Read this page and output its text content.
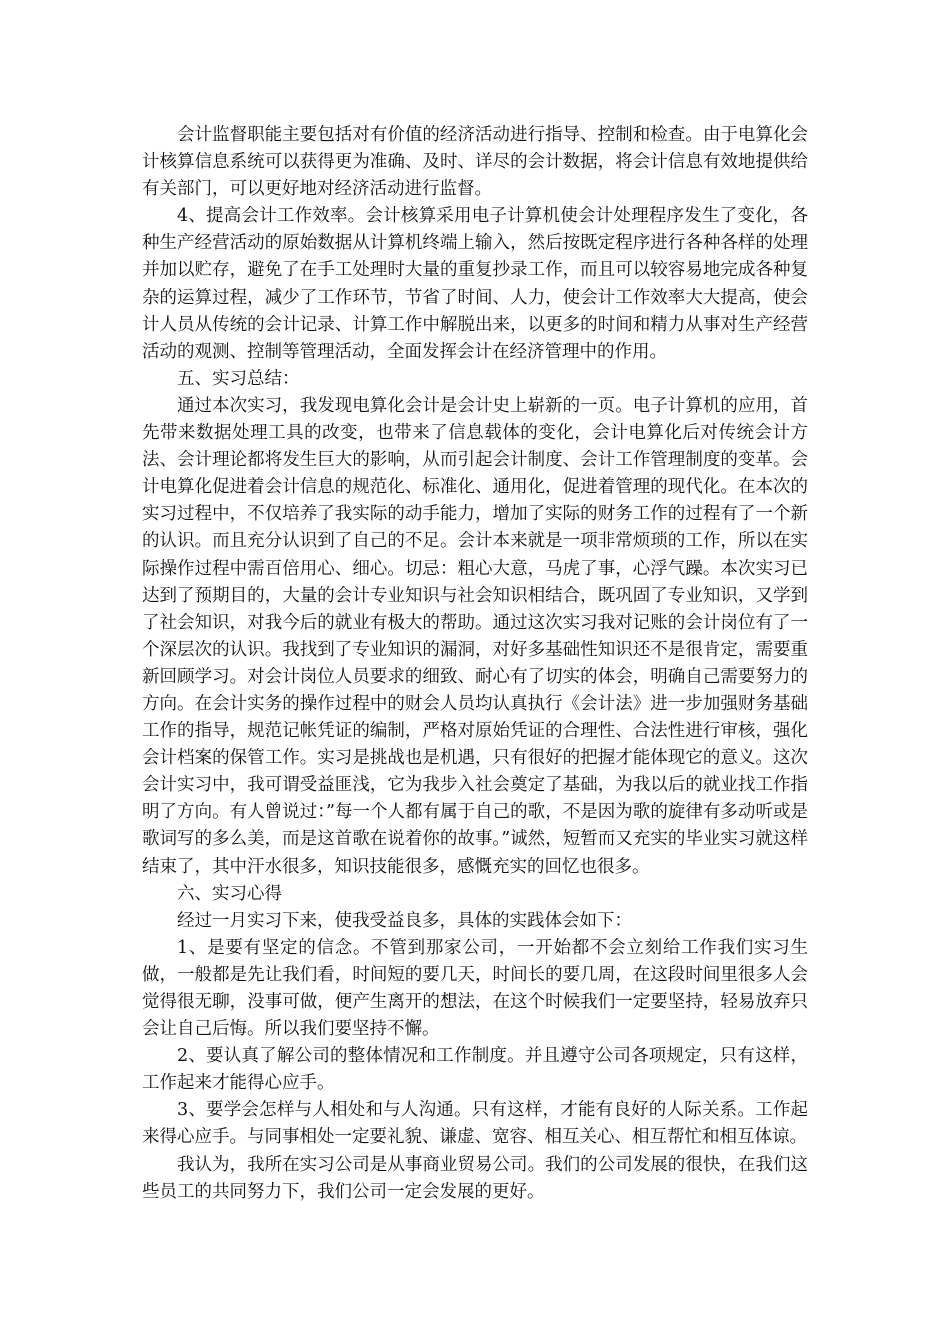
会计监督职能主要包括对有价值的经济活动进行指导、控制和检查。由于电算化会计核算信息系统可以获得更为准确、及时、详尽的会计数据，将会计信息有效地提供给有关部门，可以更好地对经济活动进行监督。

4、提高会计工作效率。会计核算采用电子计算机使会计处理程序发生了变化，各种生产经营活动的原始数据从计算机终端上输入，然后按既定程序进行各种各样的处理并加以贮存，避免了在手工处理时大量的重复抄录工作，而且可以较容易地完成各种复杂的运算过程，减少了工作环节，节省了时间、人力，使会计工作效率大大提高，使会计人员从传统的会计记录、计算工作中解脱出来，以更多的时间和精力从事对生产经营活动的观测、控制等管理活动，全面发挥会计在经济管理中的作用。

五、实习总结：

通过本次实习，我发现电算化会计是会计史上崭新的一页。电子计算机的应用，首先带来数据处理工具的改变，也带来了信息载体的变化，会计电算化后对传统会计方法、会计理论都将发生巨大的影响，从而引起会计制度、会计工作管理制度的变革。会计电算化促进着会计信息的规范化、标准化、通用化，促进着管理的现代化。在本次的实习过程中，不仅培养了我实际的动手能力，增加了实际的财务工作的过程有了一个新的认识。而且充分认识到了自己的不足。会计本来就是一项非常烦琐的工作，所以在实际操作过程中需百倍用心、细心。切忌：粗心大意，马虎了事，心浮气躁。本次实习已达到了预期目的，大量的会计专业知识与社会知识相结合，既巩固了专业知识，又学到了社会知识，对我今后的就业有极大的帮助。通过这次实习我对记账的会计岗位有了一个深层次的认识。我找到了专业知识的漏洞，对好多基础性知识还不是很肯定，需要重新回顾学习。对会计岗位人员要求的细致、耐心有了切实的体会，明确自己需要努力的方向。在会计实务的操作过程中的财会人员均认真执行《会计法》进一步加强财务基础工作的指导，规范记帐凭证的编制，严格对原始凭证的合理性、合法性进行审核，强化会计档案的保管工作。实习是挑战也是机遇，只有很好的把握才能体现它的意义。这次会计实习中，我可谓受益匪浅，它为我步入社会奠定了基础，为我以后的就业找工作指明了方向。有人曾说过：”每一个人都有属于自己的歌，不是因为歌的旋律有多动听或是歌词写的多么美，而是这首歌在说着你的故事。”诚然，短暂而又充实的毕业实习就这样结束了，其中汗水很多，知识技能很多，感慨充实的回忆也很多。

六、实习心得

经过一月实习下来，使我受益良多，具体的实践体会如下：

1、是要有坚定的信念。不管到那家公司，一开始都不会立刻给工作我们实习生做，一般都是先让我们看，时间短的要几天，时间长的要几周，在这段时间里很多人会觉得很无聊，没事可做，便产生离开的想法，在这个时候我们一定要坚持，轻易放弃只会让自己后悔。所以我们要坚持不懈。

2、要认真了解公司的整体情况和工作制度。并且遵守公司各项规定，只有这样，工作起来才能得心应手。

3、要学会怎样与人相处和与人沟通。只有这样，才能有良好的人际关系。工作起来得心应手。与同事相处一定要礼貌、谦虚、宽容、相互关心、相互帮忙和相互体谅。

我认为，我所在实习公司是从事商业贸易公司。我们的公司发展的很快，在我们这些员工的共同努力下，我们公司一定会发展的更好。
